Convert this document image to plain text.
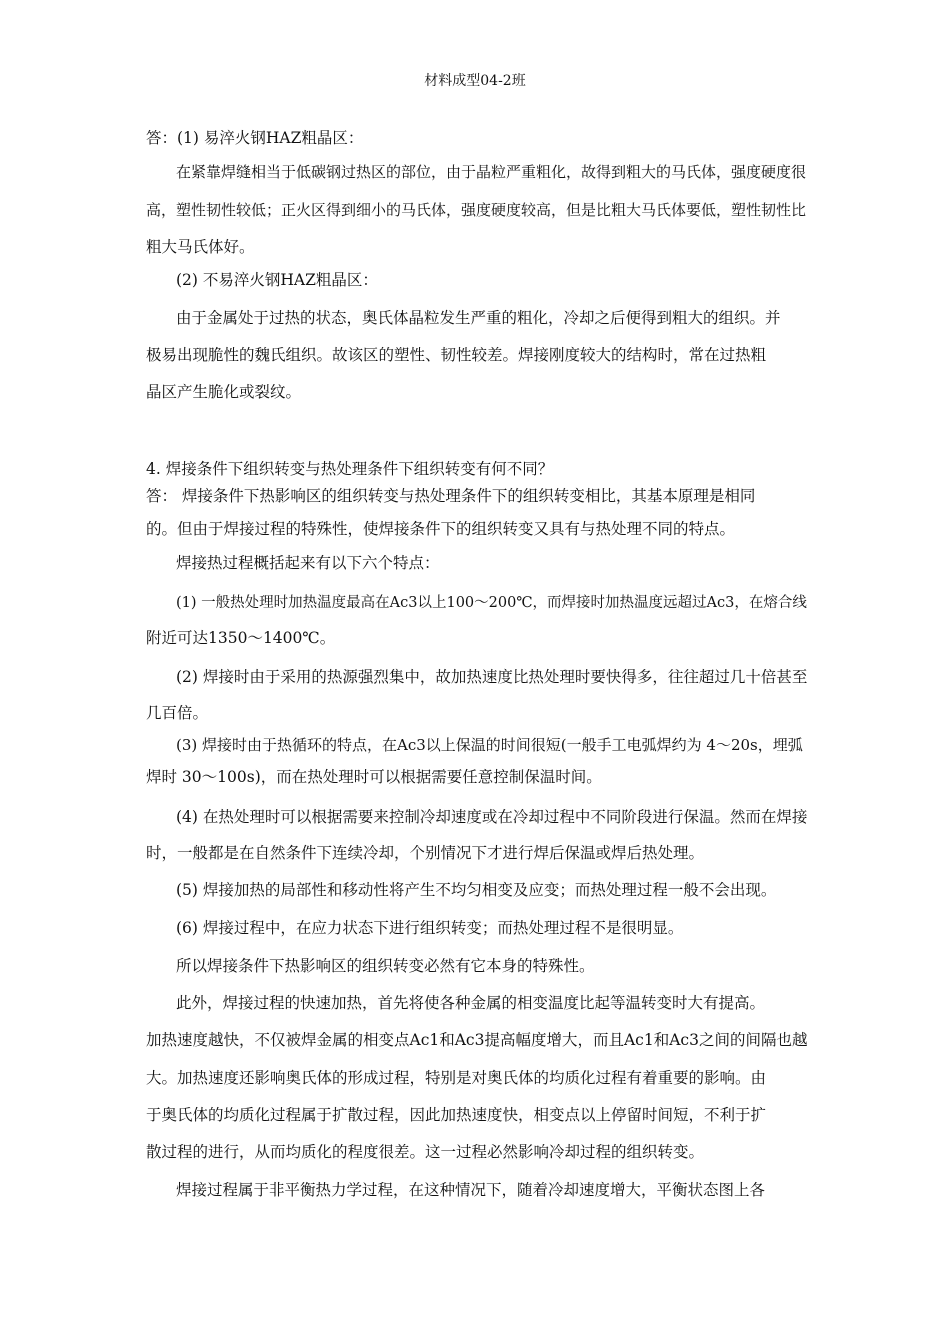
材料成型04-2班
答：(1) 易淬火钢HAZ粗晶区：
在紧靠焊缝相当于低碳钢过热区的部位，由于晶粒严重粗化，故得到粗大的马氏体，强度硬度很
高，塑性韧性较低；正火区得到细小的马氏体，强度硬度较高，但是比粗大马氏体要低，塑性韧性比
粗大马氏体好。
(2) 不易淬火钢HAZ粗晶区：
由于金属处于过热的状态，奥氏体晶粒发生严重的粗化，冷却之后便得到粗大的组织。并
极易出现脆性的魏氏组织。故该区的塑性、韧性较差。焊接刚度较大的结构时，常在过热粗
晶区产生脆化或裂纹。
4. 焊接条件下组织转变与热处理条件下组织转变有何不同？
答： 焊接条件下热影响区的组织转变与热处理条件下的组织转变相比，其基本原理是相同
的。但由于焊接过程的特殊性，使焊接条件下的组织转变又具有与热处理不同的特点。
焊接热过程概括起来有以下六个特点：
(1) 一般热处理时加热温度最高在Ac3以上100～200℃，而焊接时加热温度远超过Ac3，在熔合线
附近可达1350～1400℃。
(2) 焊接时由于采用的热源强烈集中，故加热速度比热处理时要快得多，往往超过几十倍甚至
几百倍。
(3) 焊接时由于热循环的特点，在Ac3以上保温的时间很短(一般手工电弧焊约为 4～20s，埋弧
焊时 30～100s)，而在热处理时可以根据需要任意控制保温时间。
(4) 在热处理时可以根据需要来控制冷却速度或在冷却过程中不同阶段进行保温。然而在焊接
时，一般都是在自然条件下连续冷却，个别情况下才进行焊后保温或焊后热处理。
(5) 焊接加热的局部性和移动性将产生不均匀相变及应变；而热处理过程一般不会出现。
(6) 焊接过程中，在应力状态下进行组织转变；而热处理过程不是很明显。
所以焊接条件下热影响区的组织转变必然有它本身的特殊性。
此外，焊接过程的快速加热，首先将使各种金属的相变温度比起等温转变时大有提高。
加热速度越快，不仅被焊金属的相变点Ac1和Ac3提高幅度增大，而且Ac1和Ac3之间的间隔也越
大。加热速度还影响奥氏体的形成过程，特别是对奥氏体的均质化过程有着重要的影响。由
于奥氏体的均质化过程属于扩散过程，因此加热速度快，相变点以上停留时间短，不利于扩
散过程的进行，从而均质化的程度很差。这一过程必然影响冷却过程的组织转变。
焊接过程属于非平衡热力学过程，在这种情况下，随着冷却速度增大，平衡状态图上各
